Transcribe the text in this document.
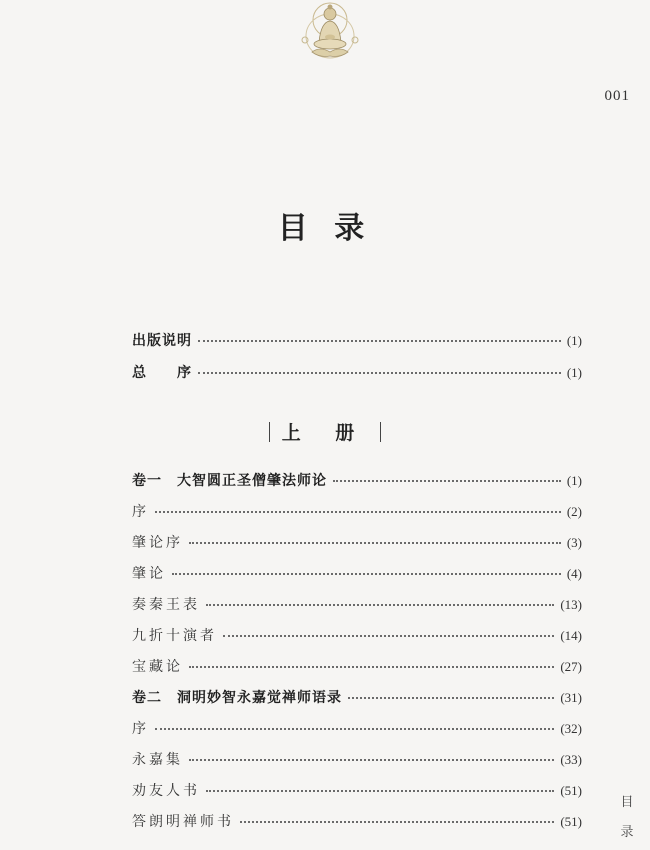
001
目 录
出版说明	(1)
总　　序	(1)
上 册
卷一　大智圆正圣僧肇法师论	(1)
序	(2)
肇论序	(3)
肇论	(4)
奏秦王表	(13)
九折十演者	(14)
宝藏论	(27)
卷二　洞明妙智永嘉觉禅师语录	(31)
序	(32)
永嘉集	(33)
劝友人书	(51)
答朗明禅师书	(51)
目
录
